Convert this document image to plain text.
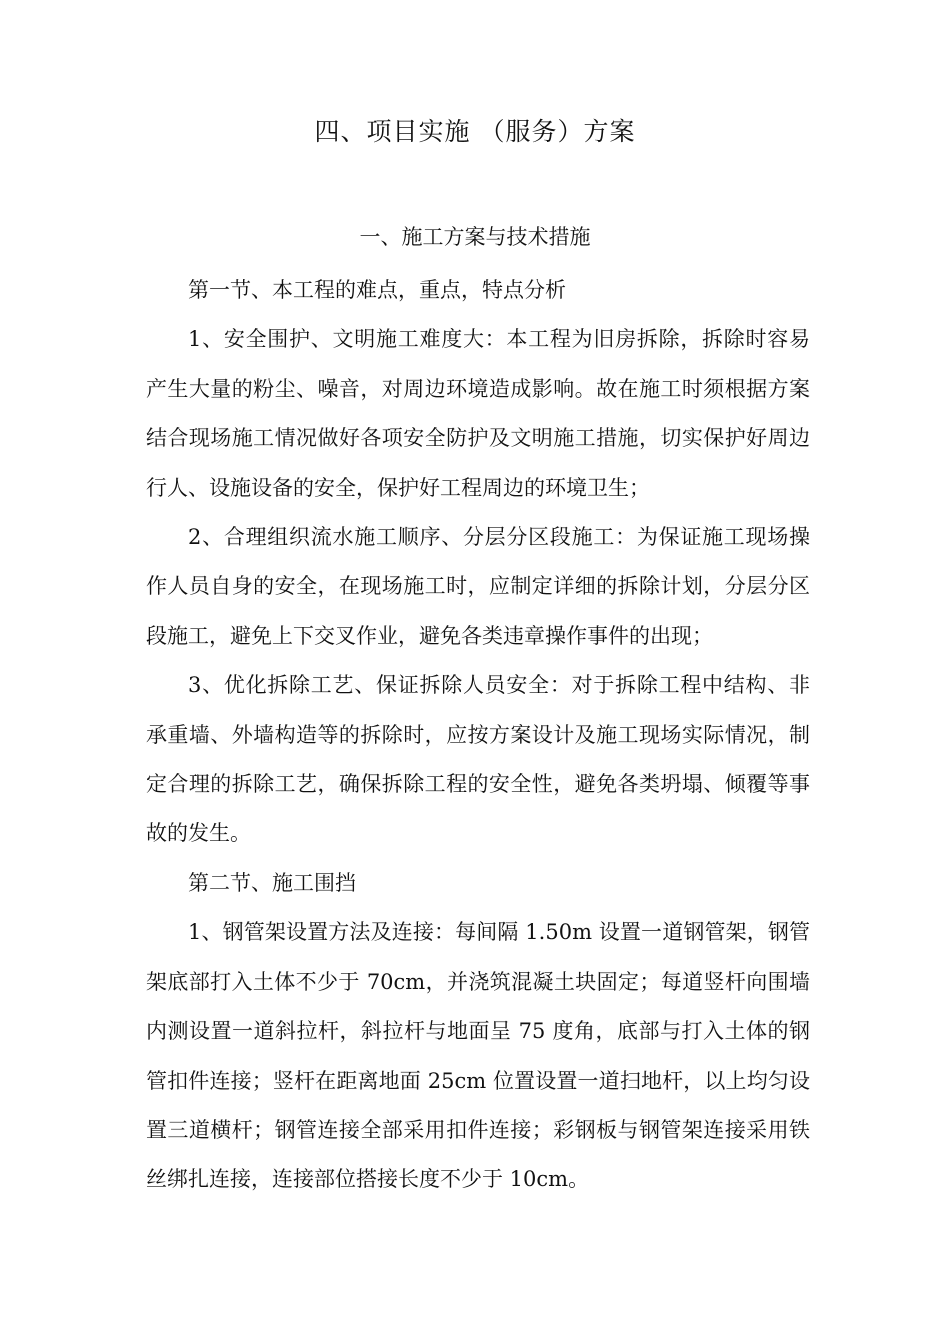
四、项目实施 （服务）方案
一、施工方案与技术措施

第一节、本工程的难点，重点，特点分析

1、安全围护、文明施工难度大：本工程为旧房拆除，拆除时容易产生大量的粉尘、噪音，对周边环境造成影响。故在施工时须根据方案结合现场施工情况做好各项安全防护及文明施工措施，切实保护好周边行人、设施设备的安全，保护好工程周边的环境卫生；

2、合理组织流水施工顺序、分层分区段施工：为保证施工现场操作人员自身的安全，在现场施工时，应制定详细的拆除计划，分层分区段施工，避免上下交叉作业，避免各类违章操作事件的出现；

3、优化拆除工艺、保证拆除人员安全：对于拆除工程中结构、非承重墙、外墙构造等的拆除时，应按方案设计及施工现场实际情况，制定合理的拆除工艺，确保拆除工程的安全性，避免各类坍塌、倾覆等事故的发生。

第二节、施工围挡

1、钢管架设置方法及连接：每间隔 1.50m 设置一道钢管架，钢管架底部打入土体不少于 70cm，并浇筑混凝土块固定；每道竖杆向围墙内测设置一道斜拉杆，斜拉杆与地面呈 75 度角，底部与打入土体的钢管扣件连接；竖杆在距离地面 25cm 位置设置一道扫地杆，以上均匀设置三道横杆；钢管连接全部采用扣件连接；彩钢板与钢管架连接采用铁丝绑扎连接，连接部位搭接长度不少于 10cm。
